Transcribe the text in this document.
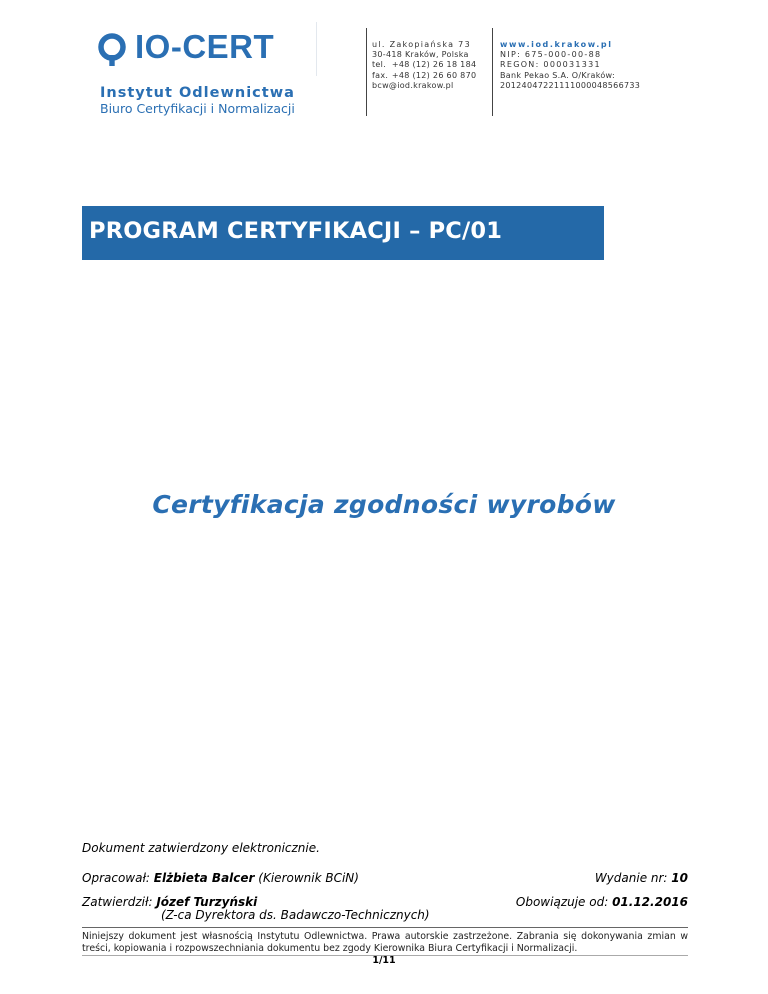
IO-CERT
Instytut Odlewnictwa
Biuro Certyfikacji i Normalizacji
ul. Zakopiańska 73
30-418 Kraków, Polska
tel. +48 (12) 26 18 184
fax. +48 (12) 26 60 870
bcw@iod.krakow.pl
www.iod.krakow.pl
NIP: 675-000-00-88
REGON: 000031331
Bank Pekao S.A. O/Kraków:
20124047221111000048566733
PROGRAM CERTYFIKACJI – PC/01
Certyfikacja zgodności wyrobów
Dokument zatwierdzony elektronicznie.
Opracował: Elżbieta Balcer (Kierownik BCiN)	Wydanie nr: 10
Zatwierdził: Józef Turzyński
(Z-ca Dyrektora ds. Badawczo-Technicznych)
Obowiązuje od: 01.12.2016
Niniejszy dokument jest własnością Instytutu Odlewnictwa. Prawa autorskie zastrzeżone. Zabrania się dokonywania zmian w treści, kopiowania i rozpowszechniania dokumentu bez zgody Kierownika Biura Certyfikacji i Normalizacji.
1/11
